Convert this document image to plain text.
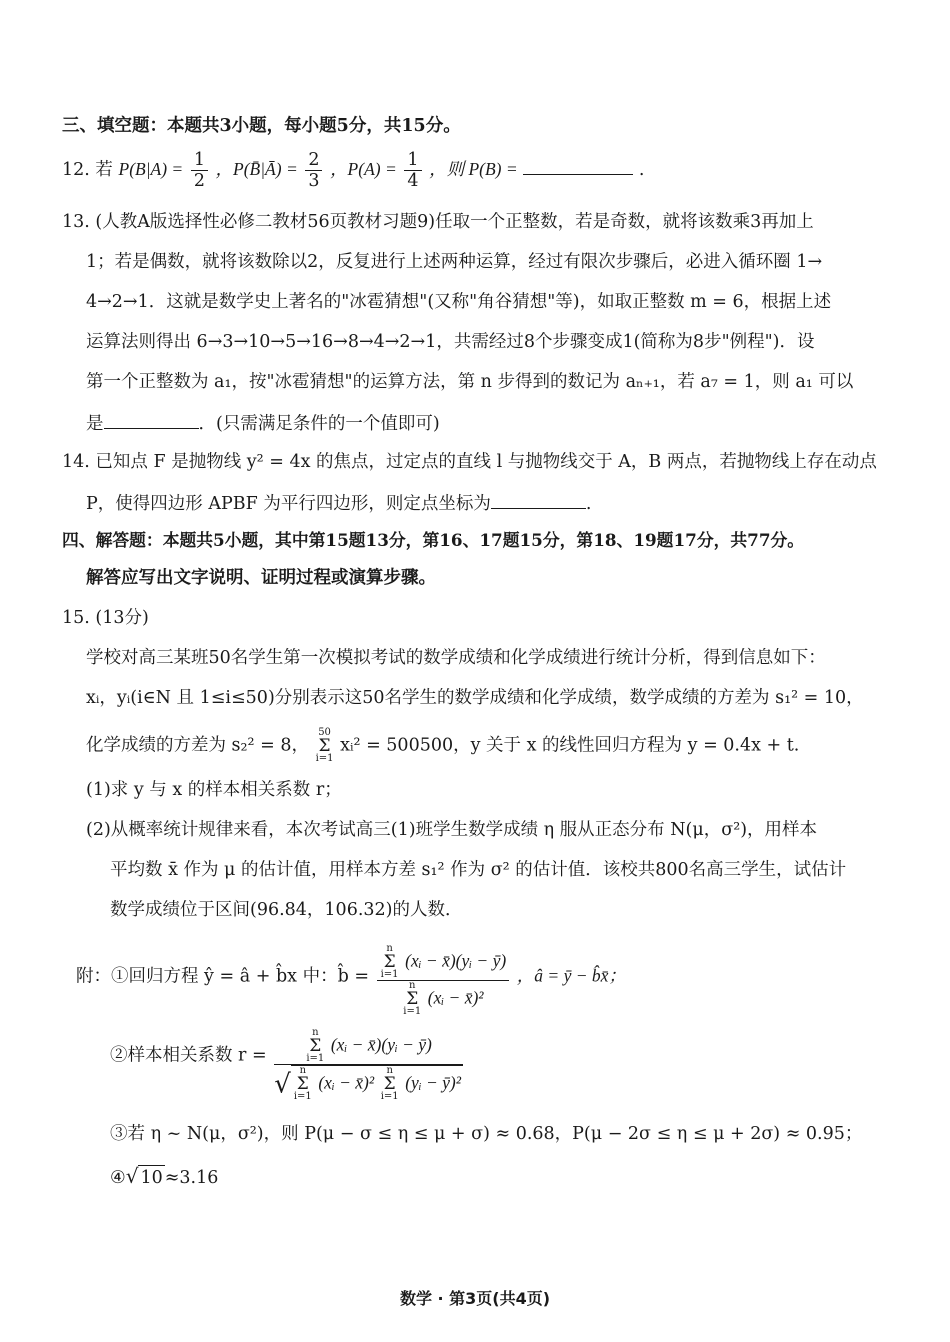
三、填空题：本题共3小题，每小题5分，共15分。
12. 若 $P(B|A) = \frac{1}{2}$ ，P(B̄|Ā) = $\frac{2}{3}$ ，$P(A) = \frac{1}{4}$ ，则 P(B) =	.
13. (人教A版选择性必修二教材56页教材习题9)任取一个正整数，若是奇数，就将该数乘3再加上
1；若是偶数，就将该数除以2，反复进行上述两种运算，经过有限次步骤后，必进入循环圈 1→
4→2→1．这就是数学史上著名的"冰雹猜想"(又称"角谷猜想"等)，如取正整数 m = 6，根据上述
运算法则得出 6→3→10→5→16→8→4→2→1，共需经过8个步骤变成1(简称为8步"例程")．设
第一个正整数为 a₁，按"冰雹猜想"的运算方法，第 n 步得到的数记为 aₙ₊₁，若 a₇ = 1，则 a₁ 可以
是	．(只需满足条件的一个值即可)
14. 已知点 F 是抛物线 y² = 4x 的焦点，过定点的直线 l 与抛物线交于 A，B 两点，若抛物线上存在动点
P，使得四边形 APBF 为平行四边形，则定点坐标为	.
四、解答题：本题共5小题，其中第15题13分，第16、17题15分，第18、19题17分，共77分。
解答应写出文字说明、证明过程或演算步骤。
15. (13分)
学校对高三某班50名学生第一次模拟考试的数学成绩和化学成绩进行统计分析，得到信息如下：
xᵢ，yᵢ(i∈N 且 1≤i≤50)分别表示这50名学生的数学成绩和化学成绩，数学成绩的方差为 s₁² = 10，
化学成绩的方差为 s₂² = 8，
50
Σ
i=1
xᵢ² = 500500，y 关于 x 的线性回归方程为 y = 0.4x + t.
(1)求 y 与 x 的样本相关系数 r；
(2)从概率统计规律来看，本次考试高三(1)班学生数学成绩 η 服从正态分布 N(μ，σ²)，用样本
平均数 x̄ 作为 μ 的估计值，用样本方差 s₁² 作为 σ² 的估计值．该校共800名高三学生，试估计
数学成绩位于区间(96.84，106.32)的人数．
附：①回归方程 ŷ = â + b̂x 中：b̂ = n
Σ
i=1
(xᵢ − x̄)(yᵢ − ȳ)
n
Σ
i=1
(xᵢ − x̄)² ，â = ȳ − b̂x̄；
②样本相关系数 r =
n
Σ
i=1
(xᵢ − x̄)(yᵢ − ȳ)
√ n
Σ
i=1
(xᵢ − x̄)²
n
Σ
i=1
(yᵢ − ȳ)²
③若 η ~ N(μ，σ²)，则 P(μ − σ ≤ η ≤ μ + σ) ≈ 0.68，P(μ − 2σ ≤ η ≤ μ + 2σ) ≈ 0.95；
④√ 10 ≈3.16
数学 · 第3页(共4页)
